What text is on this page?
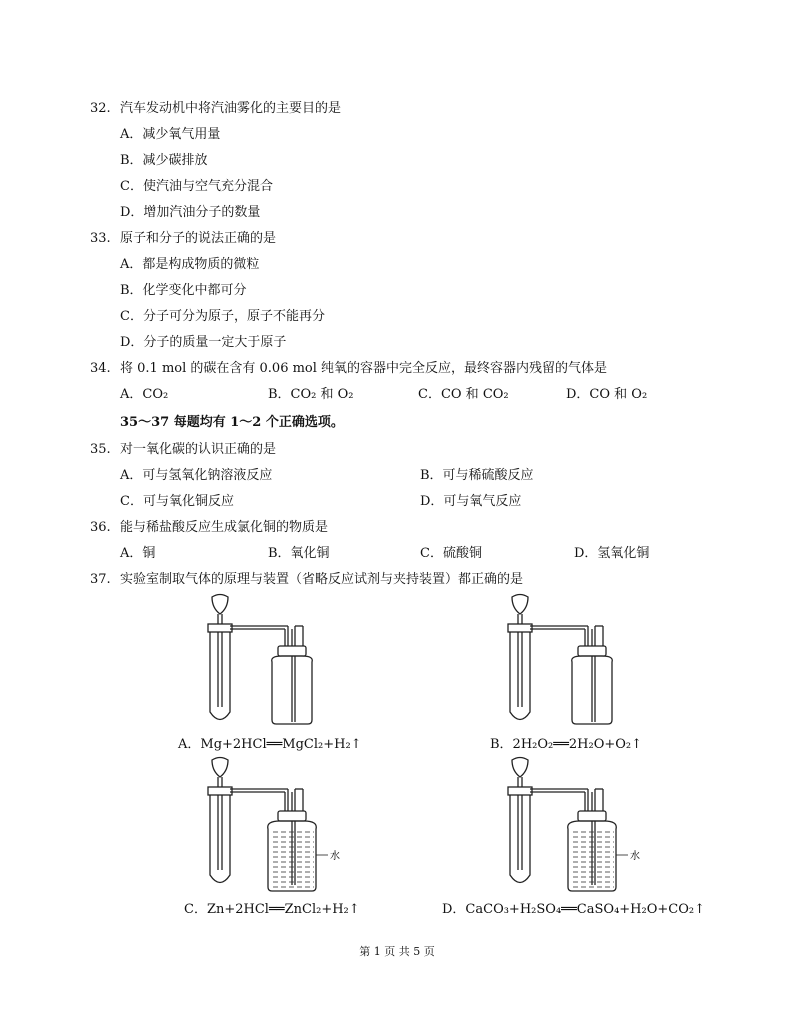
32. 汽车发动机中将汽油雾化的主要目的是
A．减少氧气用量
B．减少碳排放
C．使汽油与空气充分混合
D．增加汽油分子的数量
33. 原子和分子的说法正确的是
A．都是构成物质的微粒
B．化学变化中都可分
C．分子可分为原子，原子不能再分
D．分子的质量一定大于原子
34. 将 0.1 mol 的碳在含有 0.06 mol 纯氧的容器中完全反应，最终容器内残留的气体是
A．CO₂	B．CO₂ 和 O₂	C．CO 和 CO₂	D．CO 和 O₂
35～37 每题均有 1～2 个正确选项。
35. 对一氧化碳的认识正确的是
A．可与氢氧化钠溶液反应	B．可与稀硫酸反应
C．可与氧化铜反应	D．可与氧气反应
36. 能与稀盐酸反应生成氯化铜的物质是
A．铜	B．氧化铜	C．硫酸铜	D．氢氧化铜
37. 实验室制取气体的原理与装置（省略反应试剂与夹持装置）都正确的是
A．Mg+2HCl══MgCl₂+H₂↑	B．2H₂O₂══2H₂O+O₂↑
水
C．Zn+2HCl══ZnCl₂+H₂↑
水
D．CaCO₃+H₂SO₄══CaSO₄+H₂O+CO₂↑
第 1 页 共 5 页
